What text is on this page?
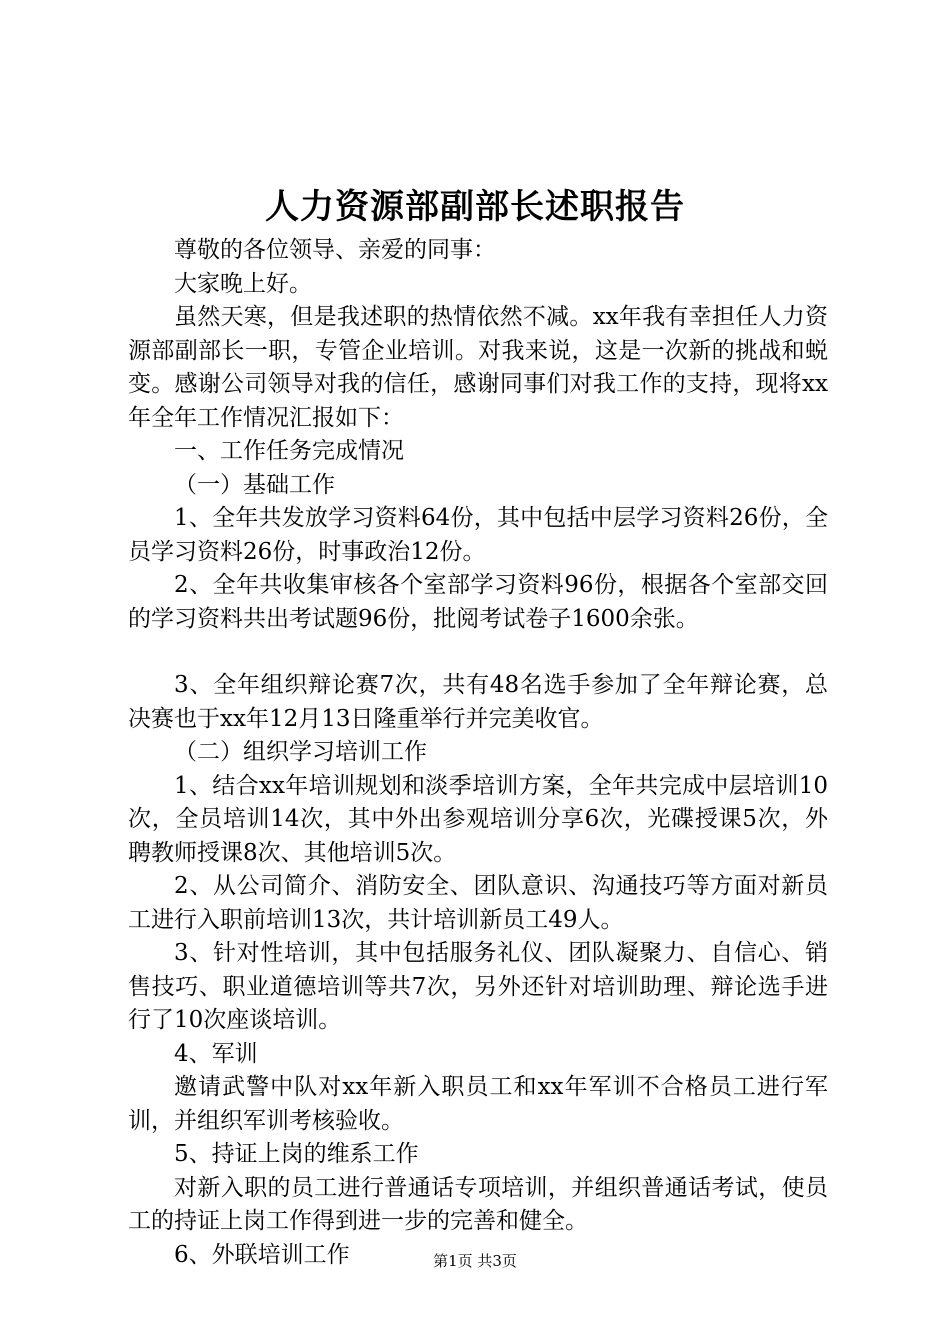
人力资源部副部长述职报告

尊敬的各位领导、亲爱的同事：

大家晚上好。

虽然天寒，但是我述职的热情依然不减。xx年我有幸担任人力资源部副部长一职，专管企业培训。对我来说，这是一次新的挑战和蜕变。感谢公司领导对我的信任，感谢同事们对我工作的支持，现将xx年全年工作情况汇报如下：

一、工作任务完成情况

（一）基础工作

1、全年共发放学习资料64份，其中包括中层学习资料26份，全员学习资料26份，时事政治12份。

2、全年共收集审核各个室部学习资料96份，根据各个室部交回的学习资料共出考试题96份，批阅考试卷子1600余张。

3、全年组织辩论赛7次，共有48名选手参加了全年辩论赛，总决赛也于xx年12月13日隆重举行并完美收官。

（二）组织学习培训工作

1、结合xx年培训规划和淡季培训方案，全年共完成中层培训10次，全员培训14次，其中外出参观培训分享6次，光碟授课5次，外聘教师授课8次、其他培训5次。

2、从公司简介、消防安全、团队意识、沟通技巧等方面对新员工进行入职前培训13次，共计培训新员工49人。

3、针对性培训，其中包括服务礼仪、团队凝聚力、自信心、销售技巧、职业道德培训等共7次，另外还针对培训助理、辩论选手进行了10次座谈培训。

4、军训

邀请武警中队对xx年新入职员工和xx年军训不合格员工进行军训，并组织军训考核验收。

5、持证上岗的维系工作

对新入职的员工进行普通话专项培训，并组织普通话考试，使员工的持证上岗工作得到进一步的完善和健全。

6、外联培训工作	第1页 共3页
